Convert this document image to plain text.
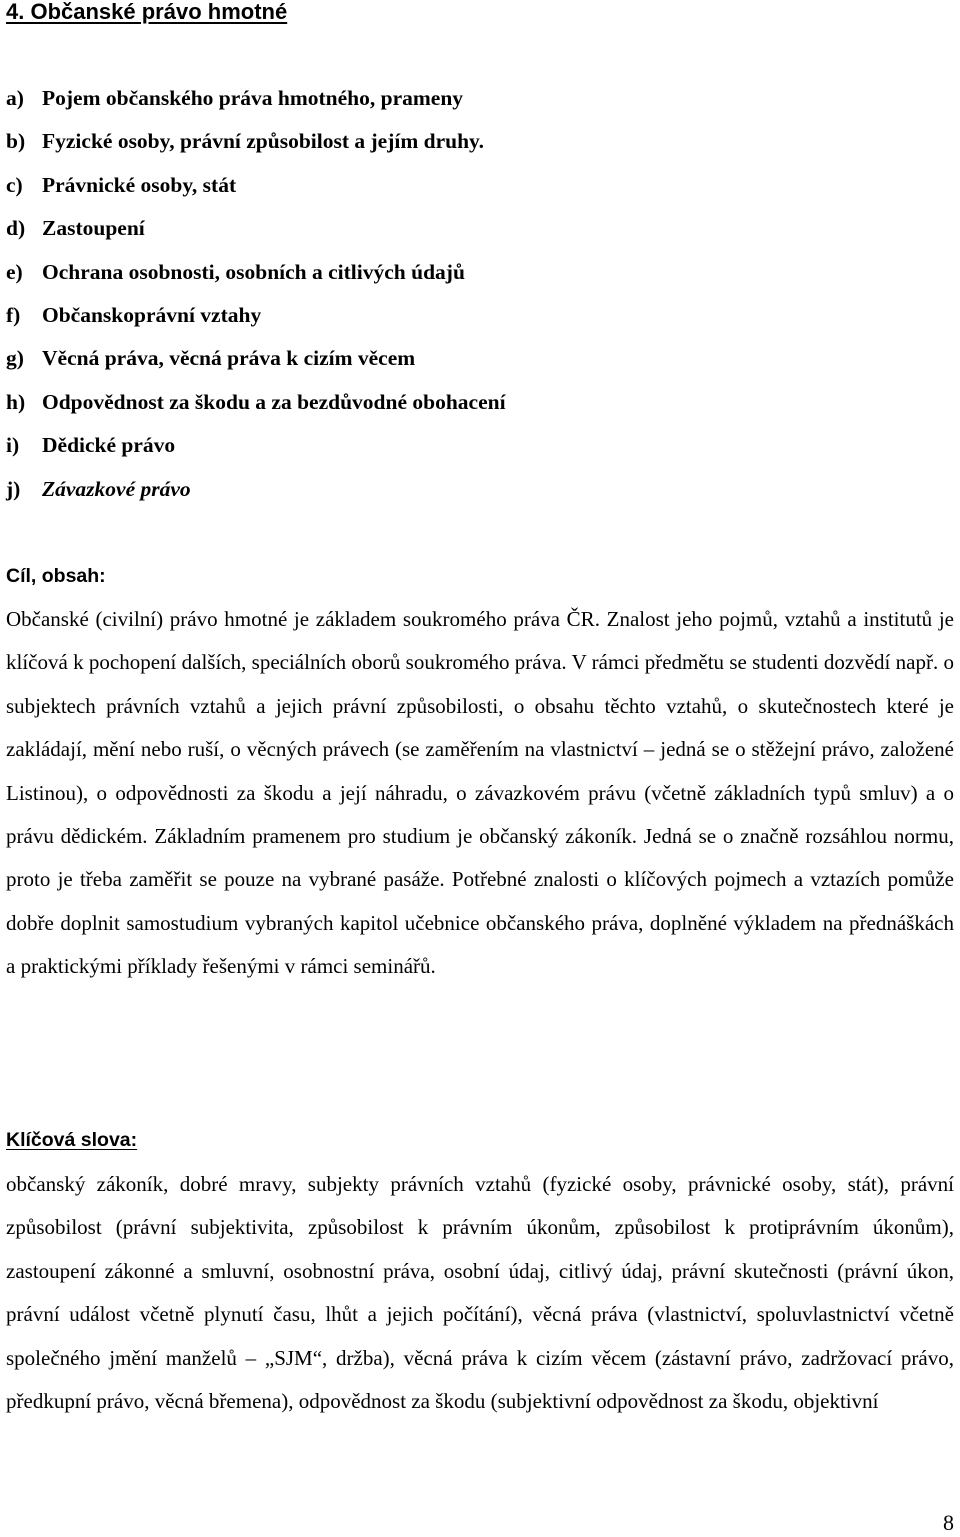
4. Občanské právo hmotné
a) Pojem občanského práva hmotného, prameny
b) Fyzické osoby, právní způsobilost a jejím druhy.
c) Právnické osoby, stát
d) Zastoupení
e) Ochrana osobnosti, osobních a citlivých údajů
f) Občanskoprávní vztahy
g) Věcná práva, věcná práva k cizím věcem
h) Odpovědnost za škodu a za bezdůvodné obohacení
i) Dědické právo
j) Závazkové právo
Cíl, obsah:

Občanské (civilní) právo hmotné je základem soukromého práva ČR. Znalost jeho pojmů, vztahů a institutů je klíčová k pochopení dalších, speciálních oborů soukromého práva. V rámci předmětu se studenti dozvědí např. o subjektech právních vztahů a jejich právní způsobilosti, o obsahu těchto vztahů, o skutečnostech které je zakládají, mění nebo ruší, o věcných právech (se zaměřením na vlastnictví – jedná se o stěžejní právo, založené Listinou), o odpovědnosti za škodu a její náhradu, o závazkovém právu (včetně základních typů smluv) a o právu dědickém. Základním pramenem pro studium je občanský zákoník. Jedná se o značně rozsáhlou normu, proto je třeba zaměřit se pouze na vybrané pasáže. Potřebné znalosti o klíčových pojmech a vztazích pomůže dobře doplnit samostudium vybraných kapitol učebnice občanského práva, doplněné výkladem na přednáškách a praktickými příklady řešenými v rámci seminářů.

Klíčová slova:

občanský zákoník, dobré mravy, subjekty právních vztahů (fyzické osoby, právnické osoby, stát), právní způsobilost (právní subjektivita, způsobilost k právním úkonům, způsobilost k protiprávním úkonům), zastoupení zákonné a smluvní, osobnostní práva, osobní údaj, citlivý údaj, právní skutečnosti (právní úkon, právní událost včetně plynutí času, lhůt a jejich počítání), věcná práva (vlastnictví, spoluvlastnictví včetně společného jmění manželů – „SJM“, držba), věcná práva k cizím věcem (zástavní právo, zadržovací právo, předkupní právo, věcná břemena), odpovědnost za škodu (subjektivní odpovědnost za škodu, objektivní

8
